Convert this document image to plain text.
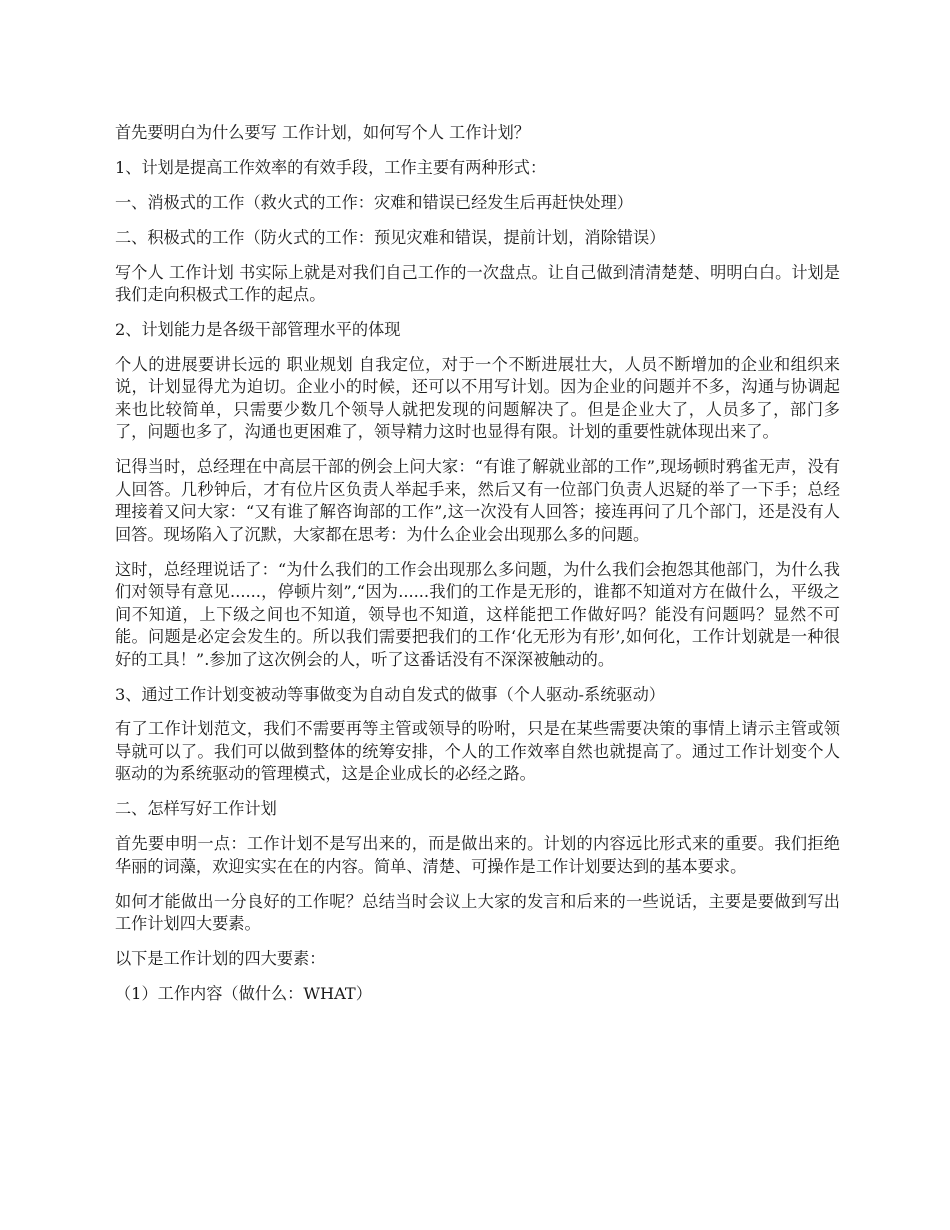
首先要明白为什么要写 工作计划，如何写个人 工作计划？

1、计划是提高工作效率的有效手段，工作主要有两种形式：

一、消极式的工作（救火式的工作：灾难和错误已经发生后再赶快处理）

二、积极式的工作（防火式的工作：预见灾难和错误，提前计划，消除错误）

写个人 工作计划 书实际上就是对我们自己工作的一次盘点。让自己做到清清楚楚、明明白白。计划是我们走向积极式工作的起点。

2、计划能力是各级干部管理水平的体现

个人的进展要讲长远的 职业规划 自我定位，对于一个不断进展壮大，人员不断增加的企业和组织来说，计划显得尤为迫切。企业小的时候，还可以不用写计划。因为企业的问题并不多，沟通与协调起来也比较简单，只需要少数几个领导人就把发现的问题解决了。但是企业大了，人员多了，部门多了，问题也多了，沟通也更困难了，领导精力这时也显得有限。计划的重要性就体现出来了。

记得当时，总经理在中高层干部的例会上问大家：“有谁了解就业部的工作”,现场顿时鸦雀无声，没有人回答。几秒钟后，才有位片区负责人举起手来，然后又有一位部门负责人迟疑的举了一下手；总经理接着又问大家：“又有谁了解咨询部的工作”,这一次没有人回答；接连再问了几个部门，还是没有人回答。现场陷入了沉默，大家都在思考：为什么企业会出现那么多的问题。

这时，总经理说话了：“为什么我们的工作会出现那么多问题，为什么我们会抱怨其他部门，为什么我们对领导有意见......，停顿片刻”,“因为......我们的工作是无形的，谁都不知道对方在做什么，平级之间不知道，上下级之间也不知道，领导也不知道，这样能把工作做好吗？能没有问题吗？显然不可能。问题是必定会发生的。所以我们需要把我们的工作‘化无形为有形’,如何化，工作计划就是一种很好的工具！”.参加了这次例会的人，听了这番话没有不深深被触动的。

3、通过工作计划变被动等事做变为自动自发式的做事（个人驱动-系统驱动）

有了工作计划范文，我们不需要再等主管或领导的吩咐，只是在某些需要决策的事情上请示主管或领导就可以了。我们可以做到整体的统筹安排，个人的工作效率自然也就提高了。通过工作计划变个人驱动的为系统驱动的管理模式，这是企业成长的必经之路。

二、怎样写好工作计划

首先要申明一点：工作计划不是写出来的，而是做出来的。计划的内容远比形式来的重要。我们拒绝华丽的词藻，欢迎实实在在的内容。简单、清楚、可操作是工作计划要达到的基本要求。

如何才能做出一分良好的工作呢？总结当时会议上大家的发言和后来的一些说话，主要是要做到写出工作计划四大要素。

以下是工作计划的四大要素：

（1）工作内容（做什么：WHAT）
